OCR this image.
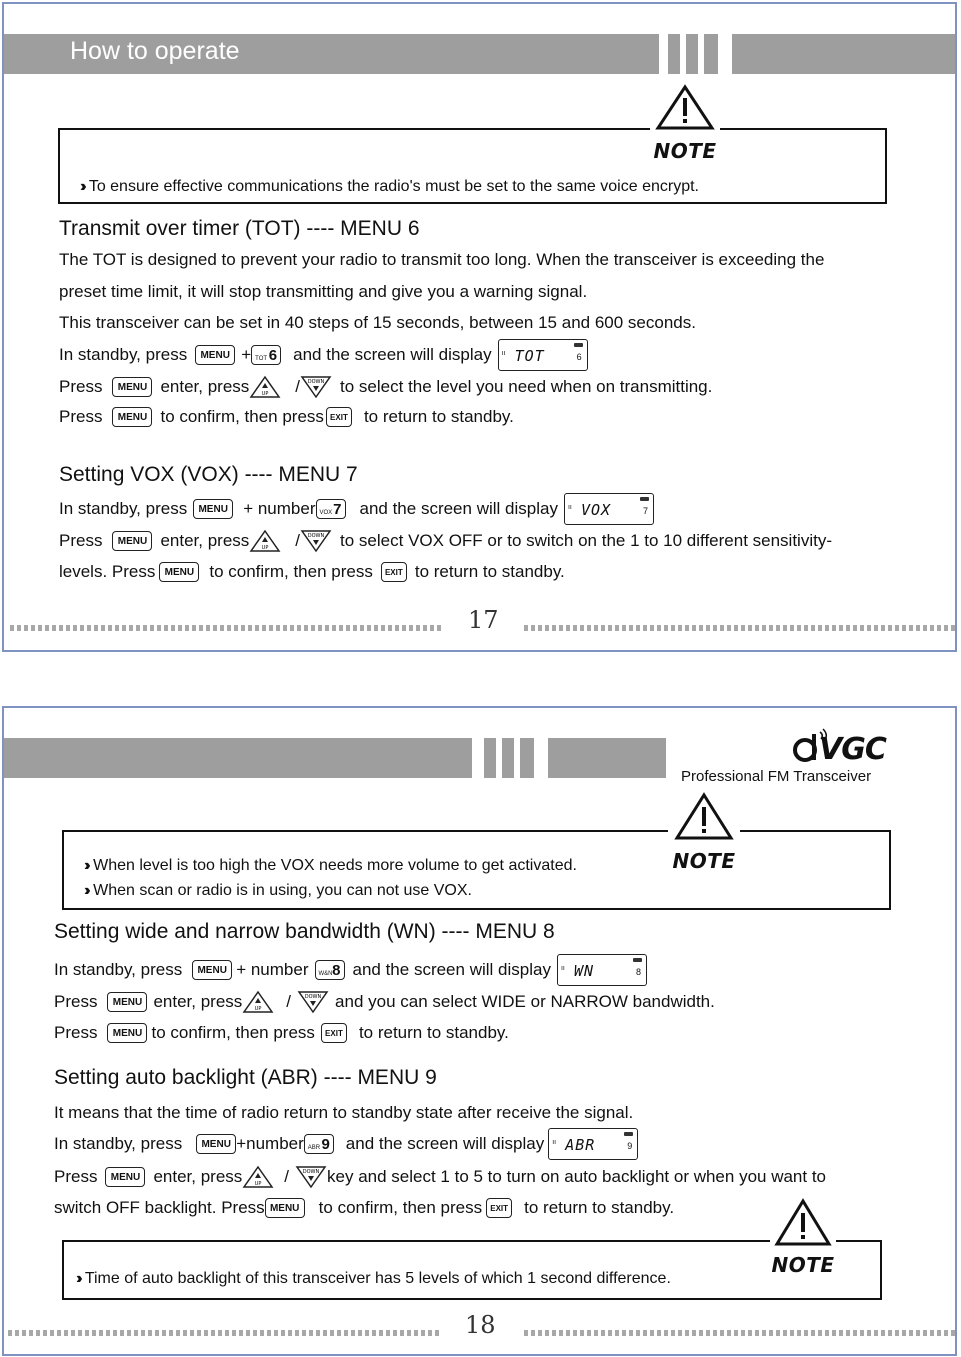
How to operate
›› To ensure effective communications the radio's must be set to the same voice encrypt.
NOTE
Transmit over timer (TOT) ---- MENU 6
The TOT is designed to prevent your radio to transmit too long. When the transceiver is exceeding the
preset time limit, it will stop transmitting and give you a warning signal.
This transceiver can be set in 40 steps of 15 seconds, between 15 and 600 seconds.
In standby, press	MENU + TOT 6 and the screen will display ıı TOT	6
Press	MENU enter, press	UP / DOWN to select the level you need when on transmitting.
Press	MENU to confirm, then press EXIT to return to standby.
Setting VOX (VOX) ---- MENU 7
In standby, press	MENU + number VOX 7 and the screen will display ıı VOX	7
Press	MENU enter, press	UP / DOWN to select VOX OFF or to switch on the 1 to 10 different sensitivity-
levels. Press MENU to confirm, then press	EXIT to return to standby.
17
VGC
Professional FM Transceiver
›› When level is too high the VOX needs more volume to get activated.
›› When scan or radio is in using, you can not use VOX.
NOTE
Setting wide and narrow bandwidth (WN) ---- MENU 8
In standby, press	MENU + number W&N 8 and the screen will display ıı WN	8
Press	MENU enter, press	UP /	DOWN and you can select WIDE or NARROW bandwidth.
Press	MENU to confirm, then press	EXIT to return to standby.
Setting auto backlight (ABR) ---- MENU 9
It means that the time of radio return to standby state after receive the signal.
In standby, press	MENU +number ABR 9 and the screen will display ıı ABR	9
Press	MENU enter, press	UP /	DOWN key and select 1 to 5 to turn on auto backlight or when you want to
switch OFF backlight. Press MENU	to confirm, then press	EXIT to return to standby.
›› Time of auto backlight of this transceiver has 5 levels of which 1 second difference.
NOTE
18
